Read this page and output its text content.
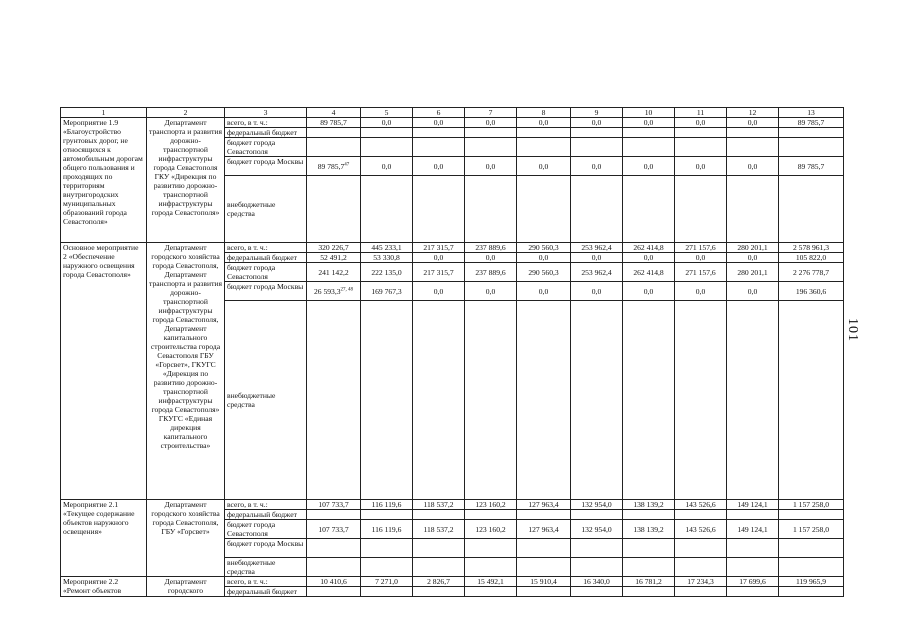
101
1	2	3	4	5	6	7	8	9	10	11	12	13
Мероприятие 1.9 «Благоустройство грунтовых дорог, не относящихся к автомобильным дорогам общего пользования и проходящих по территориям внутригородских муниципальных образований города Севастополя»	Департамент транспорта и развития дорожно-транспортной инфраструктуры города Севастополя ГКУ «Дирекция по развитию дорожно-транспортной инфраструктуры города Севастополя»	всего, в т. ч.:	89 785,7	0,0	0,0	0,0	0,0	0,0	0,0	0,0	0,0	89 785,7
		федеральный бюджет										
		бюджет города Севастополя										
		бюджет города Москвы	89 785,7$^{47}$	0,0	0,0	0,0	0,0	0,0	0,0	0,0	0,0	89 785,7
		внебюджетные средства										
Основное мероприятие 2 «Обеспечение наружного освещения города Севастополя»	Департамент городского хозяйства города Севастополя, Департамент транспорта и развития дорожно-транспортной инфраструктуры города Севастополя, Департамент капитального строительства города Севастополя ГБУ «Горсвет», ГКУГС «Дирекция по развитию дорожно-транспортной инфраструктуры города Севастополя» ГКУГС «Единая дирекция капитального строительства»	всего, в т. ч.:	320 226,7	445 233,1	217 315,7	237 889,6	290 560,3	253 962,4	262 414,8	271 157,6	280 201,1	2 578 961,3
		федеральный бюджет	52 491,2	53 330,8	0,0	0,0	0,0	0,0	0,0	0,0	0,0	105 822,0
		бюджет города Севастополя	241 142,2	222 135,0	217 315,7	237 889,6	290 560,3	253 962,4	262 414,8	271 157,6	280 201,1	2 276 778,7
		бюджет города Москвы	26 593,3$^{27, 48}$	169 767,3	0,0	0,0	0,0	0,0	0,0	0,0	0,0	196 360,6
		внебюджетные средства										
Мероприятие 2.1 «Текущее содержание объектов наружного освещения»	Департамент городского хозяйства города Севастополя, ГБУ «Горсвет»	всего, в т. ч.:	107 733,7	116 119,6	118 537,2	123 160,2	127 963,4	132 954,0	138 139,2	143 526,6	149 124,1	1 157 258,0
		федеральный бюджет										
		бюджет города Севастополя	107 733,7	116 119,6	118 537,2	123 160,2	127 963,4	132 954,0	138 139,2	143 526,6	149 124,1	1 157 258,0
		бюджет города Москвы										
		внебюджетные средства										
Мероприятие 2.2 «Ремонт объектов	Департамент городского	всего, в т. ч.:	10 410,6	7 271,0	2 826,7	15 492,1	15 910,4	16 340,0	16 781,2	17 234,3	17 699,6	119 965,9
		федеральный бюджет										
